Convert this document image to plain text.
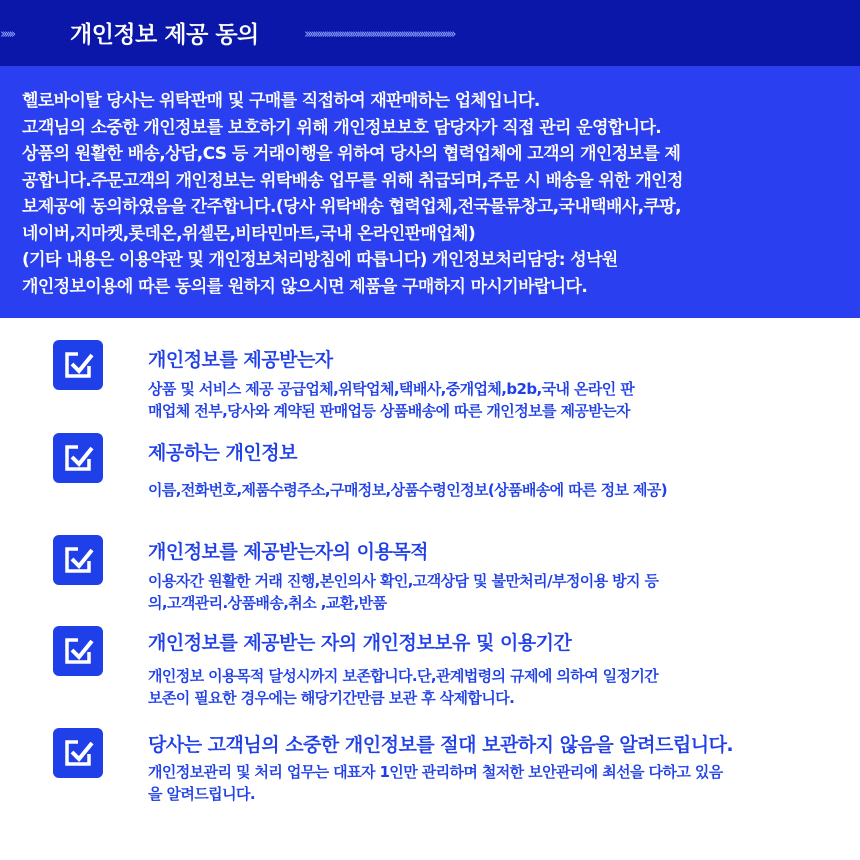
››››››	개인정보 제공 동의	››››››››››››››››››››››››››››››››››››››››››››››››››››››››››››››››››››
헬로바이탈 당사는 위탁판매 및 구매를 직접하여 재판매하는 업체입니다.
고객님의 소중한 개인정보를 보호하기 위해 개인정보보호 담당자가 직접 관리 운영합니다.
상품의 원활한 배송,상담,CS 등 거래이행을 위하여 당사의 협력업체에 고객의 개인정보를 제
공합니다.주문고객의 개인정보는 위탁배송 업무를 위해 취급되며,주문 시 배송을 위한 개인정
보제공에 동의하였음을 간주합니다.(당사 위탁배송 협력업체,전국물류창고,국내택배사,쿠팡,
네이버,지마켓,롯데온,위셀몬,비타민마트,국내 온라인판매업체)
(기타 내용은 이용약관 및 개인정보처리방침에 따릅니다) 개인정보처리담당: 성낙원
개인정보이용에 따른 동의를 원하지 않으시면 제품을 구매하지 마시기바랍니다.
개인정보를 제공받는자
상품 및 서비스 제공 공급업체,위탁업체,택배사,중개업체,b2b,국내 온라인 판
매업체 전부,당사와 계약된 판매업등 상품배송에 따른 개인정보를 제공받는자
제공하는 개인정보
이름,전화번호,제품수령주소,구매정보,상품수령인정보(상품배송에 따른 정보 제공)
개인정보를 제공받는자의 이용목적
이용자간 원활한 거래 진행,본인의사 확인,고객상담 및 불만처리/부정이용 방지 등
의,고객관리.상품배송,취소 ,교환,반품
개인정보를 제공받는 자의 개인정보보유 및 이용기간
개인정보 이용목적 달성시까지 보존합니다.단,관계법령의 규제에 의하여 일정기간
보존이 필요한 경우에는 해당기간만큼 보관 후 삭제합니다.
당사는 고객님의 소중한 개인정보를 절대 보관하지 않음을 알려드립니다.
개인정보관리 및 처리 업무는 대표자 1인만 관리하며 철저한 보안관리에 최선을 다하고 있음
을 알려드립니다.
